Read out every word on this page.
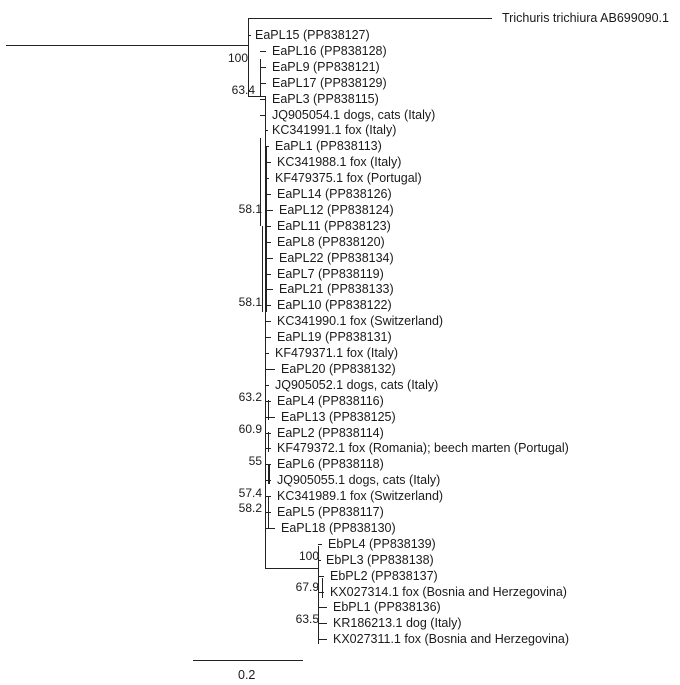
Trichuris trichiura AB699090.1
EaPL15 (PP838127)
EaPL16 (PP838128)
EaPL9 (PP838121)
EaPL17 (PP838129)
EaPL3 (PP838115)
JQ905054.1 dogs, cats (Italy)
KC341991.1 fox (Italy)
EaPL1 (PP838113)
KC341988.1 fox (Italy)
KF479375.1 fox (Portugal)
EaPL14 (PP838126)
EaPL12 (PP838124)
EaPL11 (PP838123)
EaPL8 (PP838120)
EaPL22 (PP838134)
EaPL7 (PP838119)
EaPL21 (PP838133)
EaPL10 (PP838122)
KC341990.1 fox (Switzerland)
EaPL19 (PP838131)
KF479371.1 fox (Italy)
EaPL20 (PP838132)
JQ905052.1 dogs, cats (Italy)
EaPL4 (PP838116)
EaPL13 (PP838125)
EaPL2 (PP838114)
KF479372.1 fox (Romania); beech marten (Portugal)
EaPL6 (PP838118)
JQ905055.1 dogs, cats (Italy)
KC341989.1 fox (Switzerland)
EaPL5 (PP838117)
EaPL18 (PP838130)
EbPL4 (PP838139)
EbPL3 (PP838138)
EbPL2 (PP838137)
KX027314.1 fox (Bosnia and Herzegovina)
EbPL1 (PP838136)
KR186213.1 dog (Italy)
KX027311.1 fox (Bosnia and Herzegovina)
100
63.4
58.1
58.1
63.2
60.9
55
57.4
58.2
100
67.9
63.5
0.2
